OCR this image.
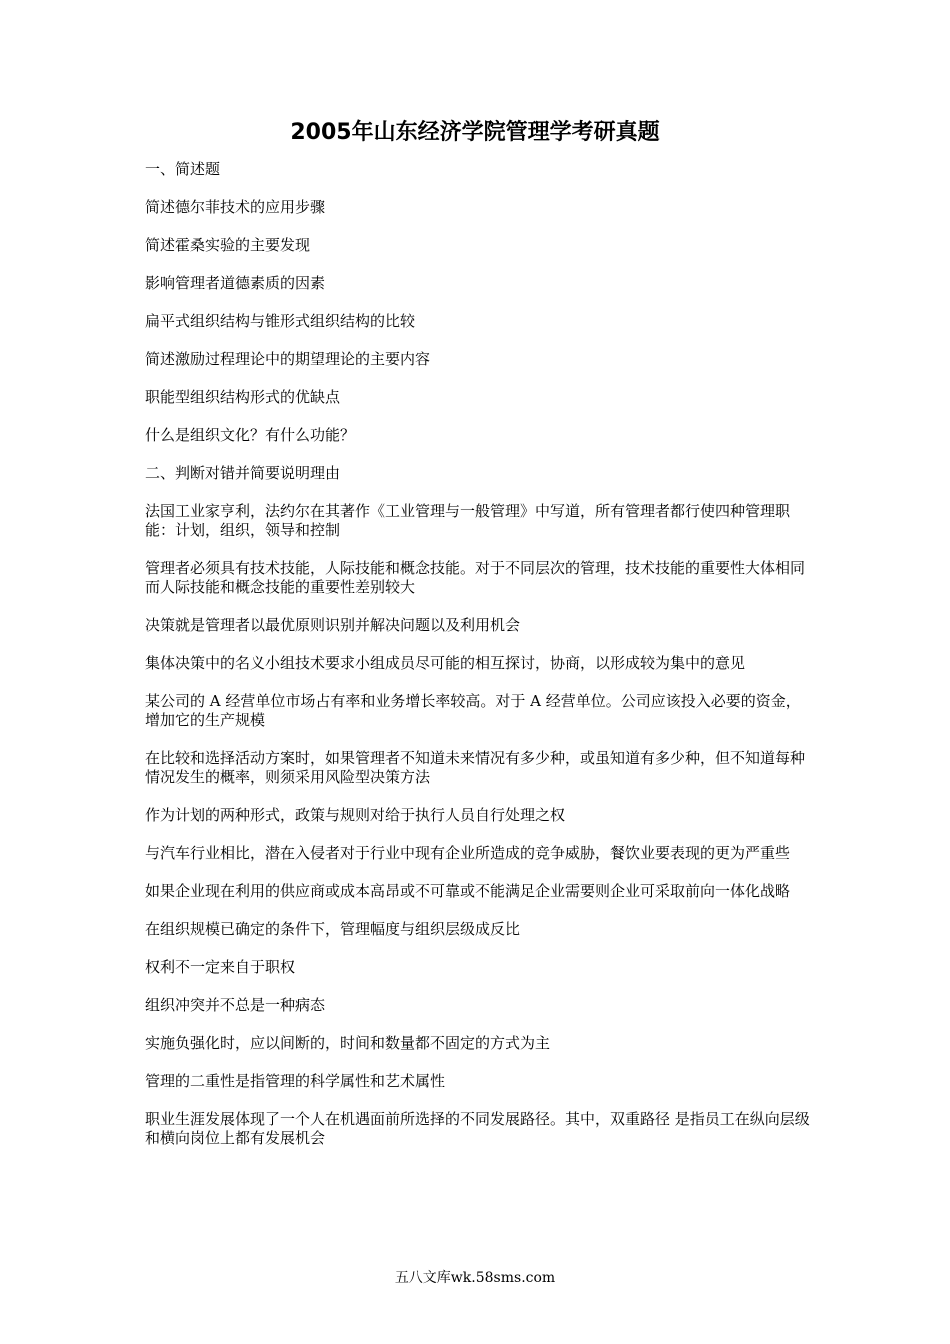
2005年山东经济学院管理学考研真题

一、简述题

简述德尔菲技术的应用步骤

简述霍桑实验的主要发现

影响管理者道德素质的因素

扁平式组织结构与锥形式组织结构的比较

简述激励过程理论中的期望理论的主要内容

职能型组织结构形式的优缺点

什么是组织文化？有什么功能？

二、判断对错并简要说明理由

法国工业家亨利，法约尔在其著作《工业管理与一般管理》中写道，所有管理者都行使四种管理职能：计划，组织，领导和控制

管理者必须具有技术技能，人际技能和概念技能。对于不同层次的管理，技术技能的重要性大体相同而人际技能和概念技能的重要性差别较大

决策就是管理者以最优原则识别并解决问题以及利用机会

集体决策中的名义小组技术要求小组成员尽可能的相互探讨，协商，以形成较为集中的意见

某公司的 A 经营单位市场占有率和业务增长率较高。对于 A 经营单位。公司应该投入必要的资金，增加它的生产规模

在比较和选择活动方案时，如果管理者不知道未来情况有多少种，或虽知道有多少种，但不知道每种情况发生的概率，则须采用风险型决策方法

作为计划的两种形式，政策与规则对给于执行人员自行处理之权

与汽车行业相比，潜在入侵者对于行业中现有企业所造成的竞争威胁，餐饮业要表现的更为严重些

如果企业现在利用的供应商或成本高昂或不可靠或不能满足企业需要则企业可采取前向一体化战略

在组织规模已确定的条件下，管理幅度与组织层级成反比

权利不一定来自于职权

组织冲突并不总是一种病态

实施负强化时，应以间断的，时间和数量都不固定的方式为主

管理的二重性是指管理的科学属性和艺术属性

职业生涯发展体现了一个人在机遇面前所选择的不同发展路径。其中，双重路径 是指员工在纵向层级和横向岗位上都有发展机会

五八文库wk.58sms.com
